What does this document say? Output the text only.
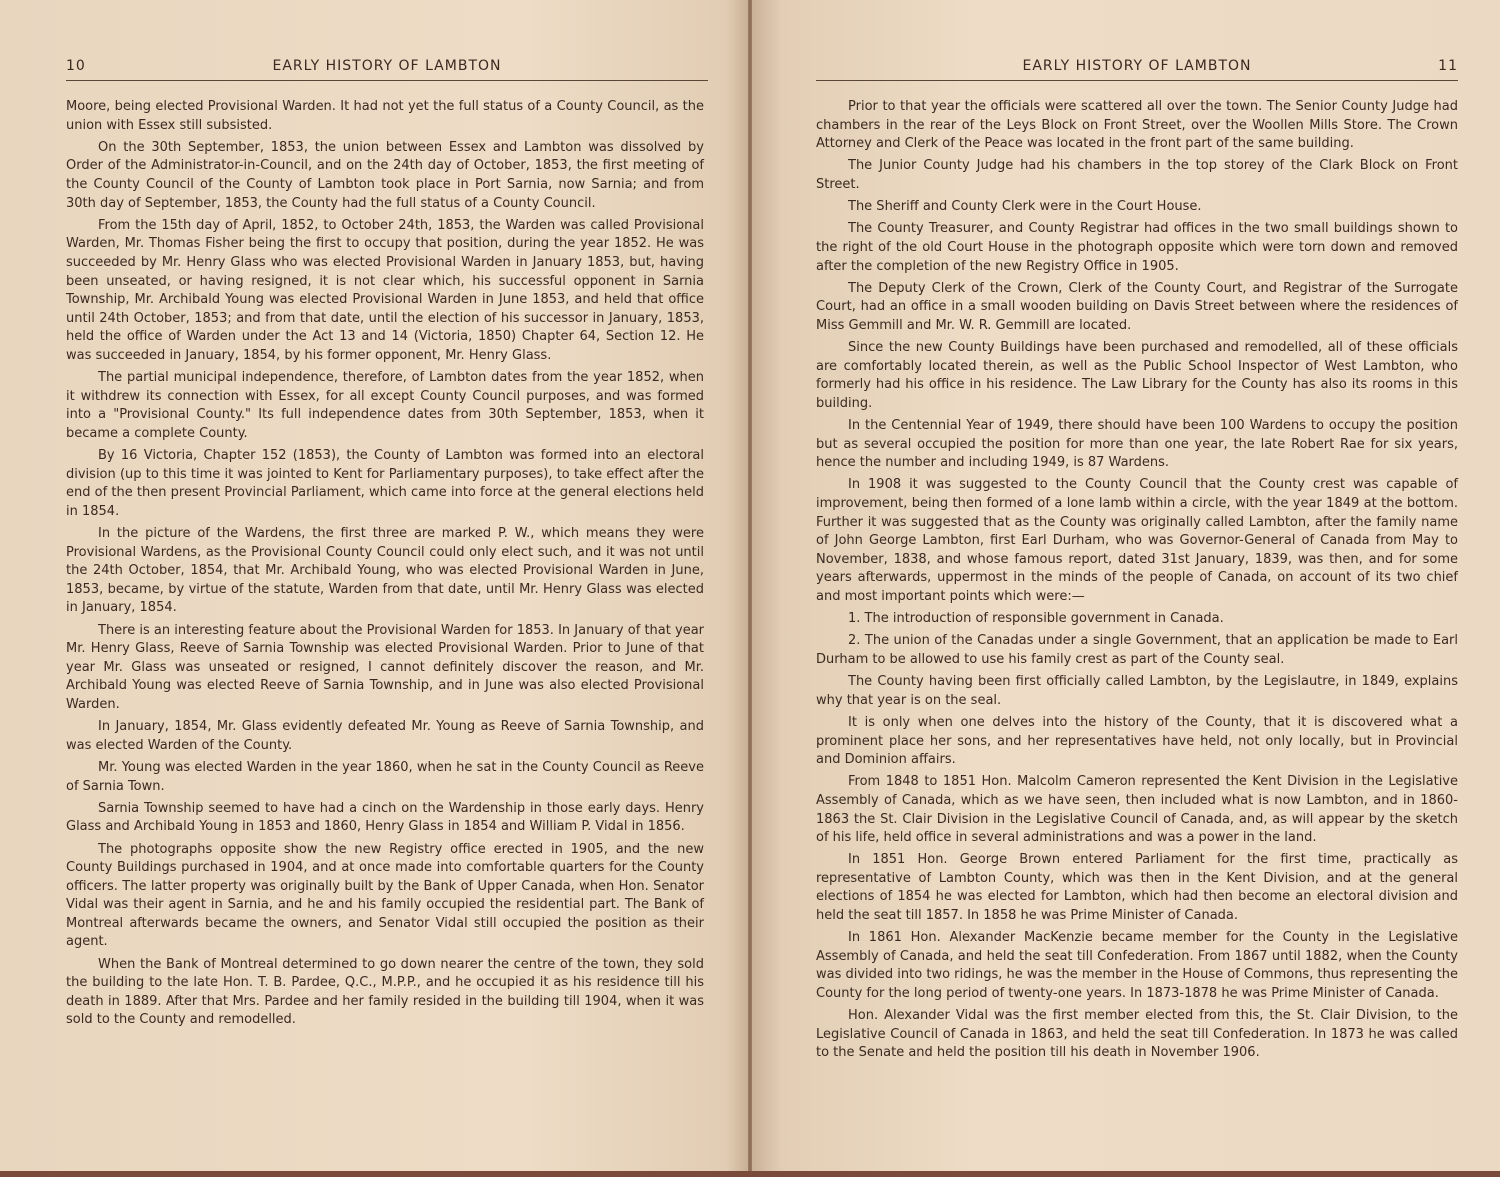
10	EARLY HISTORY OF LAMBTON

Moore, being elected Provisional Warden. It had not yet the full status of a County Council, as the union with Essex still subsisted.

On the 30th September, 1853, the union between Essex and Lambton was dissolved by Order of the Administrator-in-Council, and on the 24th day of October, 1853, the first meeting of the County Council of the County of Lambton took place in Port Sarnia, now Sarnia; and from 30th day of September, 1853, the County had the full status of a County Council.

From the 15th day of April, 1852, to October 24th, 1853, the Warden was called Provisional Warden, Mr. Thomas Fisher being the first to occupy that position, during the year 1852. He was succeeded by Mr. Henry Glass who was elected Provisional Warden in January 1853, but, having been unseated, or having resigned, it is not clear which, his successful opponent in Sarnia Township, Mr. Archibald Young was elected Provisional Warden in June 1853, and held that office until 24th October, 1853; and from that date, until the election of his successor in January, 1853, held the office of Warden under the Act 13 and 14 (Victoria, 1850) Chapter 64, Section 12. He was succeeded in January, 1854, by his former opponent, Mr. Henry Glass.

The partial municipal independence, therefore, of Lambton dates from the year 1852, when it withdrew its connection with Essex, for all except County Council purposes, and was formed into a "Provisional County." Its full independence dates from 30th September, 1853, when it became a complete County.

By 16 Victoria, Chapter 152 (1853), the County of Lambton was formed into an electoral division (up to this time it was jointed to Kent for Parliamentary purposes), to take effect after the end of the then present Provincial Parliament, which came into force at the general elections held in 1854.

In the picture of the Wardens, the first three are marked P. W., which means they were Provisional Wardens, as the Provisional County Council could only elect such, and it was not until the 24th October, 1854, that Mr. Archibald Young, who was elected Provisional Warden in June, 1853, became, by virtue of the statute, Warden from that date, until Mr. Henry Glass was elected in January, 1854.

There is an interesting feature about the Provisional Warden for 1853. In January of that year Mr. Henry Glass, Reeve of Sarnia Township was elected Provisional Warden. Prior to June of that year Mr. Glass was unseated or resigned, I cannot definitely discover the reason, and Mr. Archibald Young was elected Reeve of Sarnia Township, and in June was also elected Provisional Warden.

In January, 1854, Mr. Glass evidently defeated Mr. Young as Reeve of Sarnia Township, and was elected Warden of the County.

Mr. Young was elected Warden in the year 1860, when he sat in the County Council as Reeve of Sarnia Town.

Sarnia Township seemed to have had a cinch on the Wardenship in those early days. Henry Glass and Archibald Young in 1853 and 1860, Henry Glass in 1854 and William P. Vidal in 1856.

The photographs opposite show the new Registry office erected in 1905, and the new County Buildings purchased in 1904, and at once made into comfortable quarters for the County officers. The latter property was originally built by the Bank of Upper Canada, when Hon. Senator Vidal was their agent in Sarnia, and he and his family occupied the residential part. The Bank of Montreal afterwards became the owners, and Senator Vidal still occupied the position as their agent.

When the Bank of Montreal determined to go down nearer the centre of the town, they sold the building to the late Hon. T. B. Pardee, Q.C., M.P.P., and he occupied it as his residence till his death in 1889. After that Mrs. Pardee and her family resided in the building till 1904, when it was sold to the County and remodelled.

EARLY HISTORY OF LAMBTON	11

Prior to that year the officials were scattered all over the town. The Senior County Judge had chambers in the rear of the Leys Block on Front Street, over the Woollen Mills Store. The Crown Attorney and Clerk of the Peace was located in the front part of the same building.

The Junior County Judge had his chambers in the top storey of the Clark Block on Front Street.

The Sheriff and County Clerk were in the Court House.

The County Treasurer, and County Registrar had offices in the two small buildings shown to the right of the old Court House in the photograph opposite which were torn down and removed after the completion of the new Registry Office in 1905.

The Deputy Clerk of the Crown, Clerk of the County Court, and Registrar of the Surrogate Court, had an office in a small wooden building on Davis Street between where the residences of Miss Gemmill and Mr. W. R. Gemmill are located.

Since the new County Buildings have been purchased and remodelled, all of these officials are comfortably located therein, as well as the Public School Inspector of West Lambton, who formerly had his office in his residence. The Law Library for the County has also its rooms in this building.

In the Centennial Year of 1949, there should have been 100 Wardens to occupy the position but as several occupied the position for more than one year, the late Robert Rae for six years, hence the number and including 1949, is 87 Wardens.

In 1908 it was suggested to the County Council that the County crest was capable of improvement, being then formed of a lone lamb within a circle, with the year 1849 at the bottom. Further it was suggested that as the County was originally called Lambton, after the family name of John George Lambton, first Earl Durham, who was Governor-General of Canada from May to November, 1838, and whose famous report, dated 31st January, 1839, was then, and for some years afterwards, uppermost in the minds of the people of Canada, on account of its two chief and most important points which were:—

1. The introduction of responsible government in Canada.

2. The union of the Canadas under a single Government, that an application be made to Earl Durham to be allowed to use his family crest as part of the County seal.

The County having been first officially called Lambton, by the Legislautre, in 1849, explains why that year is on the seal.

It is only when one delves into the history of the County, that it is discovered what a prominent place her sons, and her representatives have held, not only locally, but in Provincial and Dominion affairs.

From 1848 to 1851 Hon. Malcolm Cameron represented the Kent Division in the Legislative Assembly of Canada, which as we have seen, then included what is now Lambton, and in 1860-1863 the St. Clair Division in the Legislative Council of Canada, and, as will appear by the sketch of his life, held office in several administrations and was a power in the land.

In 1851 Hon. George Brown entered Parliament for the first time, practically as representative of Lambton County, which was then in the Kent Division, and at the general elections of 1854 he was elected for Lambton, which had then become an electoral division and held the seat till 1857. In 1858 he was Prime Minister of Canada.

In 1861 Hon. Alexander MacKenzie became member for the County in the Legislative Assembly of Canada, and held the seat till Confederation. From 1867 until 1882, when the County was divided into two ridings, he was the member in the House of Commons, thus representing the County for the long period of twenty-one years. In 1873-1878 he was Prime Minister of Canada.

Hon. Alexander Vidal was the first member elected from this, the St. Clair Division, to the Legislative Council of Canada in 1863, and held the seat till Confederation. In 1873 he was called to the Senate and held the position till his death in November 1906.
